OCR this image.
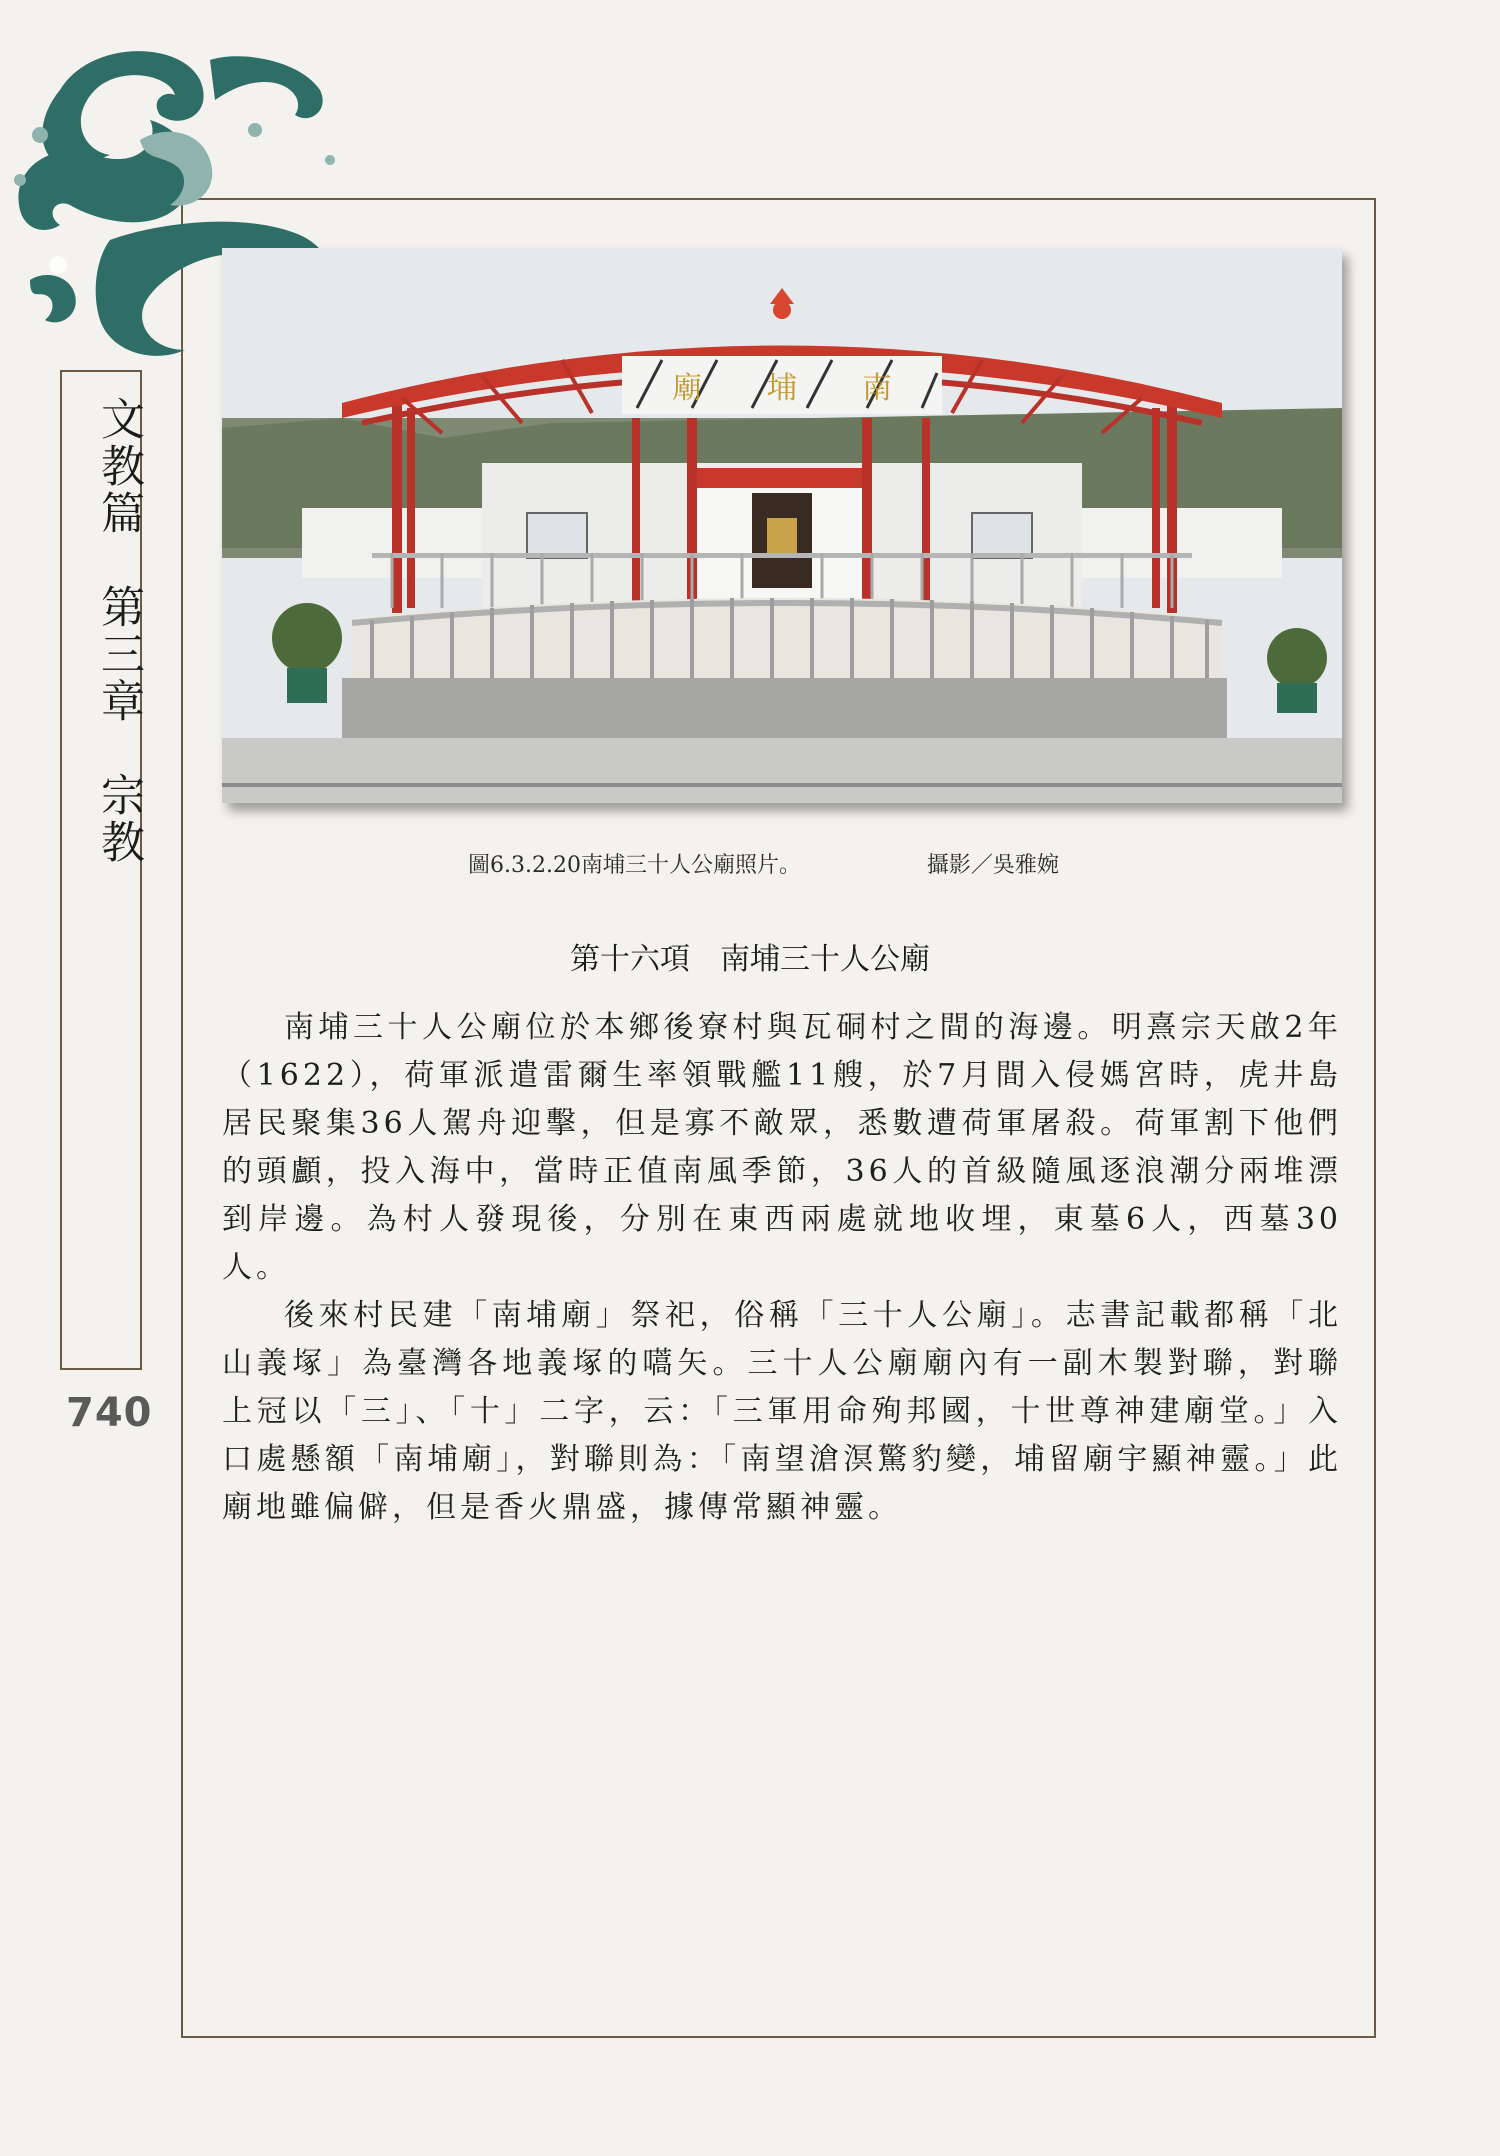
文教篇　第三章　宗教
740
廟 埔 南
圖6.3.2.20南埔三十人公廟照片。	攝影／吳雅婉
第十六項　南埔三十人公廟

南埔三十人公廟位於本鄉後寮村與瓦硐村之間的海邊。明熹宗天啟2年（1622），荷軍派遣雷爾生率領戰艦11艘，於7月間入侵媽宮時，虎井島居民聚集36人駕舟迎擊，但是寡不敵眾，悉數遭荷軍屠殺。荷軍割下他們的頭顱，投入海中，當時正值南風季節，36人的首級隨風逐浪潮分兩堆漂到岸邊。為村人發現後，分別在東西兩處就地收埋，東墓6人，西墓30人。

後來村民建「南埔廟」祭祀，俗稱「三十人公廟」。志書記載都稱「北山義塚」為臺灣各地義塚的嚆矢。三十人公廟廟內有一副木製對聯，對聯上冠以「三」、「十」二字，云：「三軍用命殉邦國，十世尊神建廟堂。」入口處懸額「南埔廟」，對聯則為：「南望滄溟驚豹變，埔留廟宇顯神靈。」此廟地雖偏僻，但是香火鼎盛，據傳常顯神靈。
